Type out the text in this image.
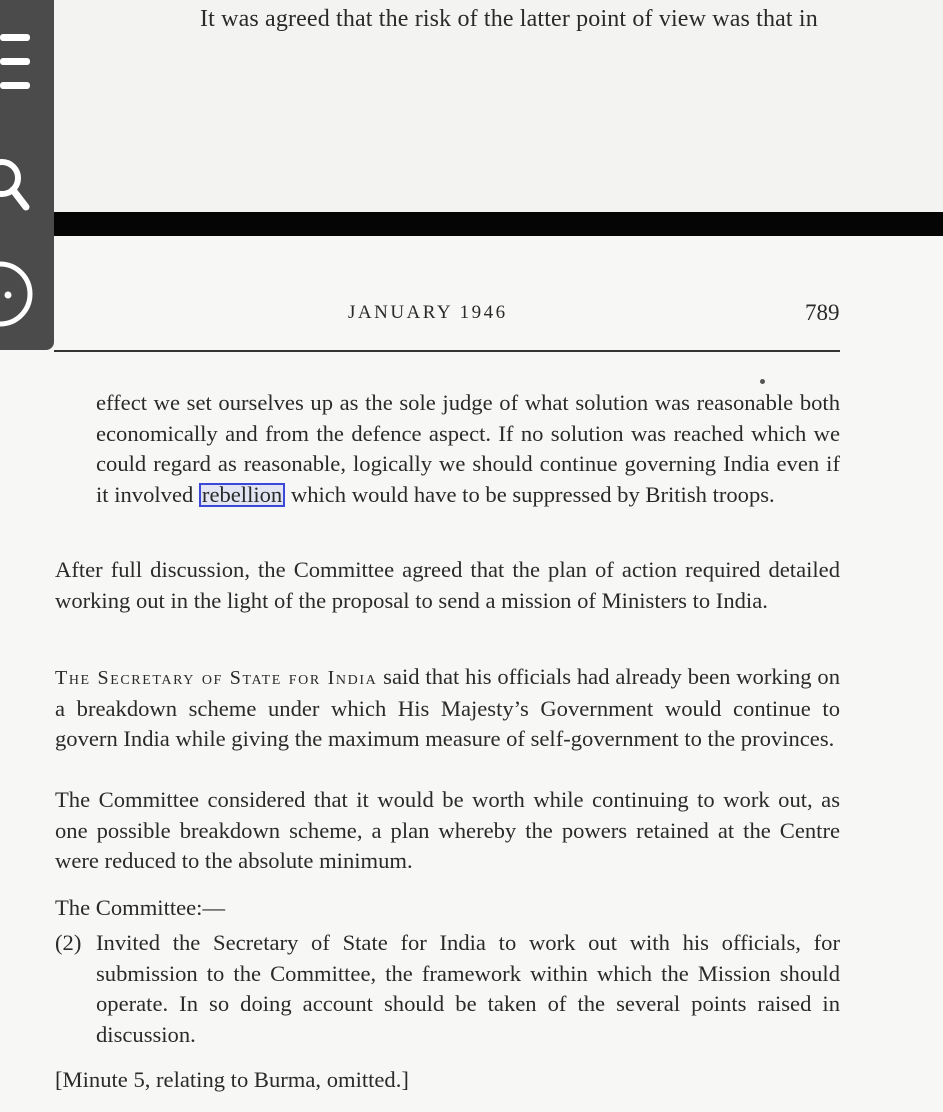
It was agreed that the risk of the latter point of view was that in
JANUARY 1946	789
effect we set ourselves up as the sole judge of what solution was reasonable both economically and from the defence aspect. If no solution was reached which we could regard as reasonable, logically we should continue governing India even if it involved rebellion which would have to be suppressed by British troops.
After full discussion, the Committee agreed that the plan of action required detailed working out in the light of the proposal to send a mission of Ministers to India.
The Secretary of State for India said that his officials had already been working on a breakdown scheme under which His Majesty’s Government would continue to govern India while giving the maximum measure of self-government to the provinces.
The Committee considered that it would be worth while continuing to work out, as one possible breakdown scheme, a plan whereby the powers retained at the Centre were reduced to the absolute minimum.
The Committee:—
(2) Invited the Secretary of State for India to work out with his officials, for submission to the Committee, the framework within which the Mission should operate. In so doing account should be taken of the several points raised in discussion.
[Minute 5, relating to Burma, omitted.]
